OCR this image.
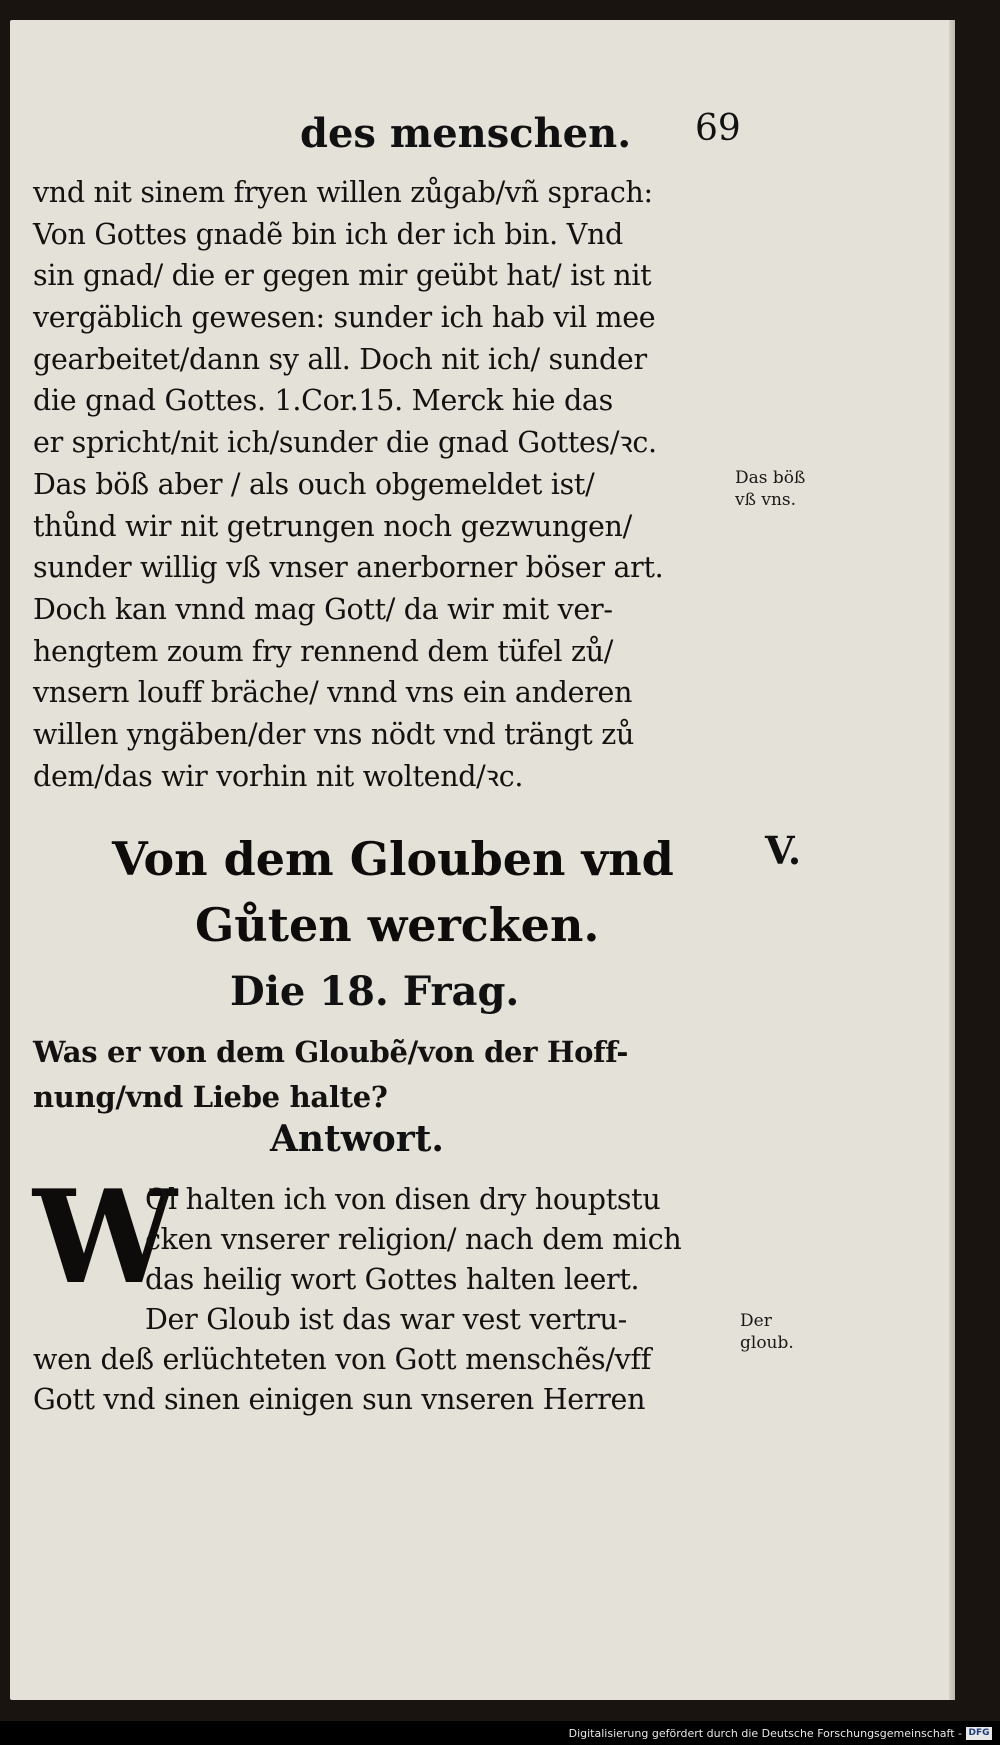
des menschen. 69
vnd nit sinem fryen willen zůgab/vñ sprach:
Von Gottes gnadẽ bin ich der ich bin. Vnd
sin gnad/ die er gegen mir geübt hat/ ist nit
vergäblich gewesen: sunder ich hab vil mee
gearbeitet/dann sy all. Doch nit ich/ sunder
die gnad Gottes. 1.Cor.15. Merck hie das
er spricht/nit ich/sunder die gnad Gottes/ꝛc.
Das böß aber / als ouch obgemeldet ist/
thůnd wir nit getrungen noch gezwungen/
sunder willig vß vnser anerborner böser art.
Doch kan vnnd mag Gott/ da wir mit ver-
hengtem zoum fry rennend dem tüfel zů/
vnsern louff bräche/ vnnd vns ein anderen
willen yngäben/der vns nödt vnd trängt zů
dem/das wir vorhin nit woltend/ꝛc.
Das böß
vß vns.
Von dem Glouben vnd
Gůten wercken.
V.
Die 18. Frag.
Was er von dem Gloubẽ/von der Hoff-
nung/vnd Liebe halte?
Antwort.
W
Ol halten ich von disen dry houptstu
cken vnserer religion/ nach dem mich
das heilig wort Gottes halten leert.
Der Gloub ist das war vest vertru-
wen deß erlüchteten von Gott menschẽs/vff
Gott vnd sinen einigen sun vnseren Herren
Der
gloub.
Digitalisierung gefördert durch die Deutsche Forschungsgemeinschaft - DFG
